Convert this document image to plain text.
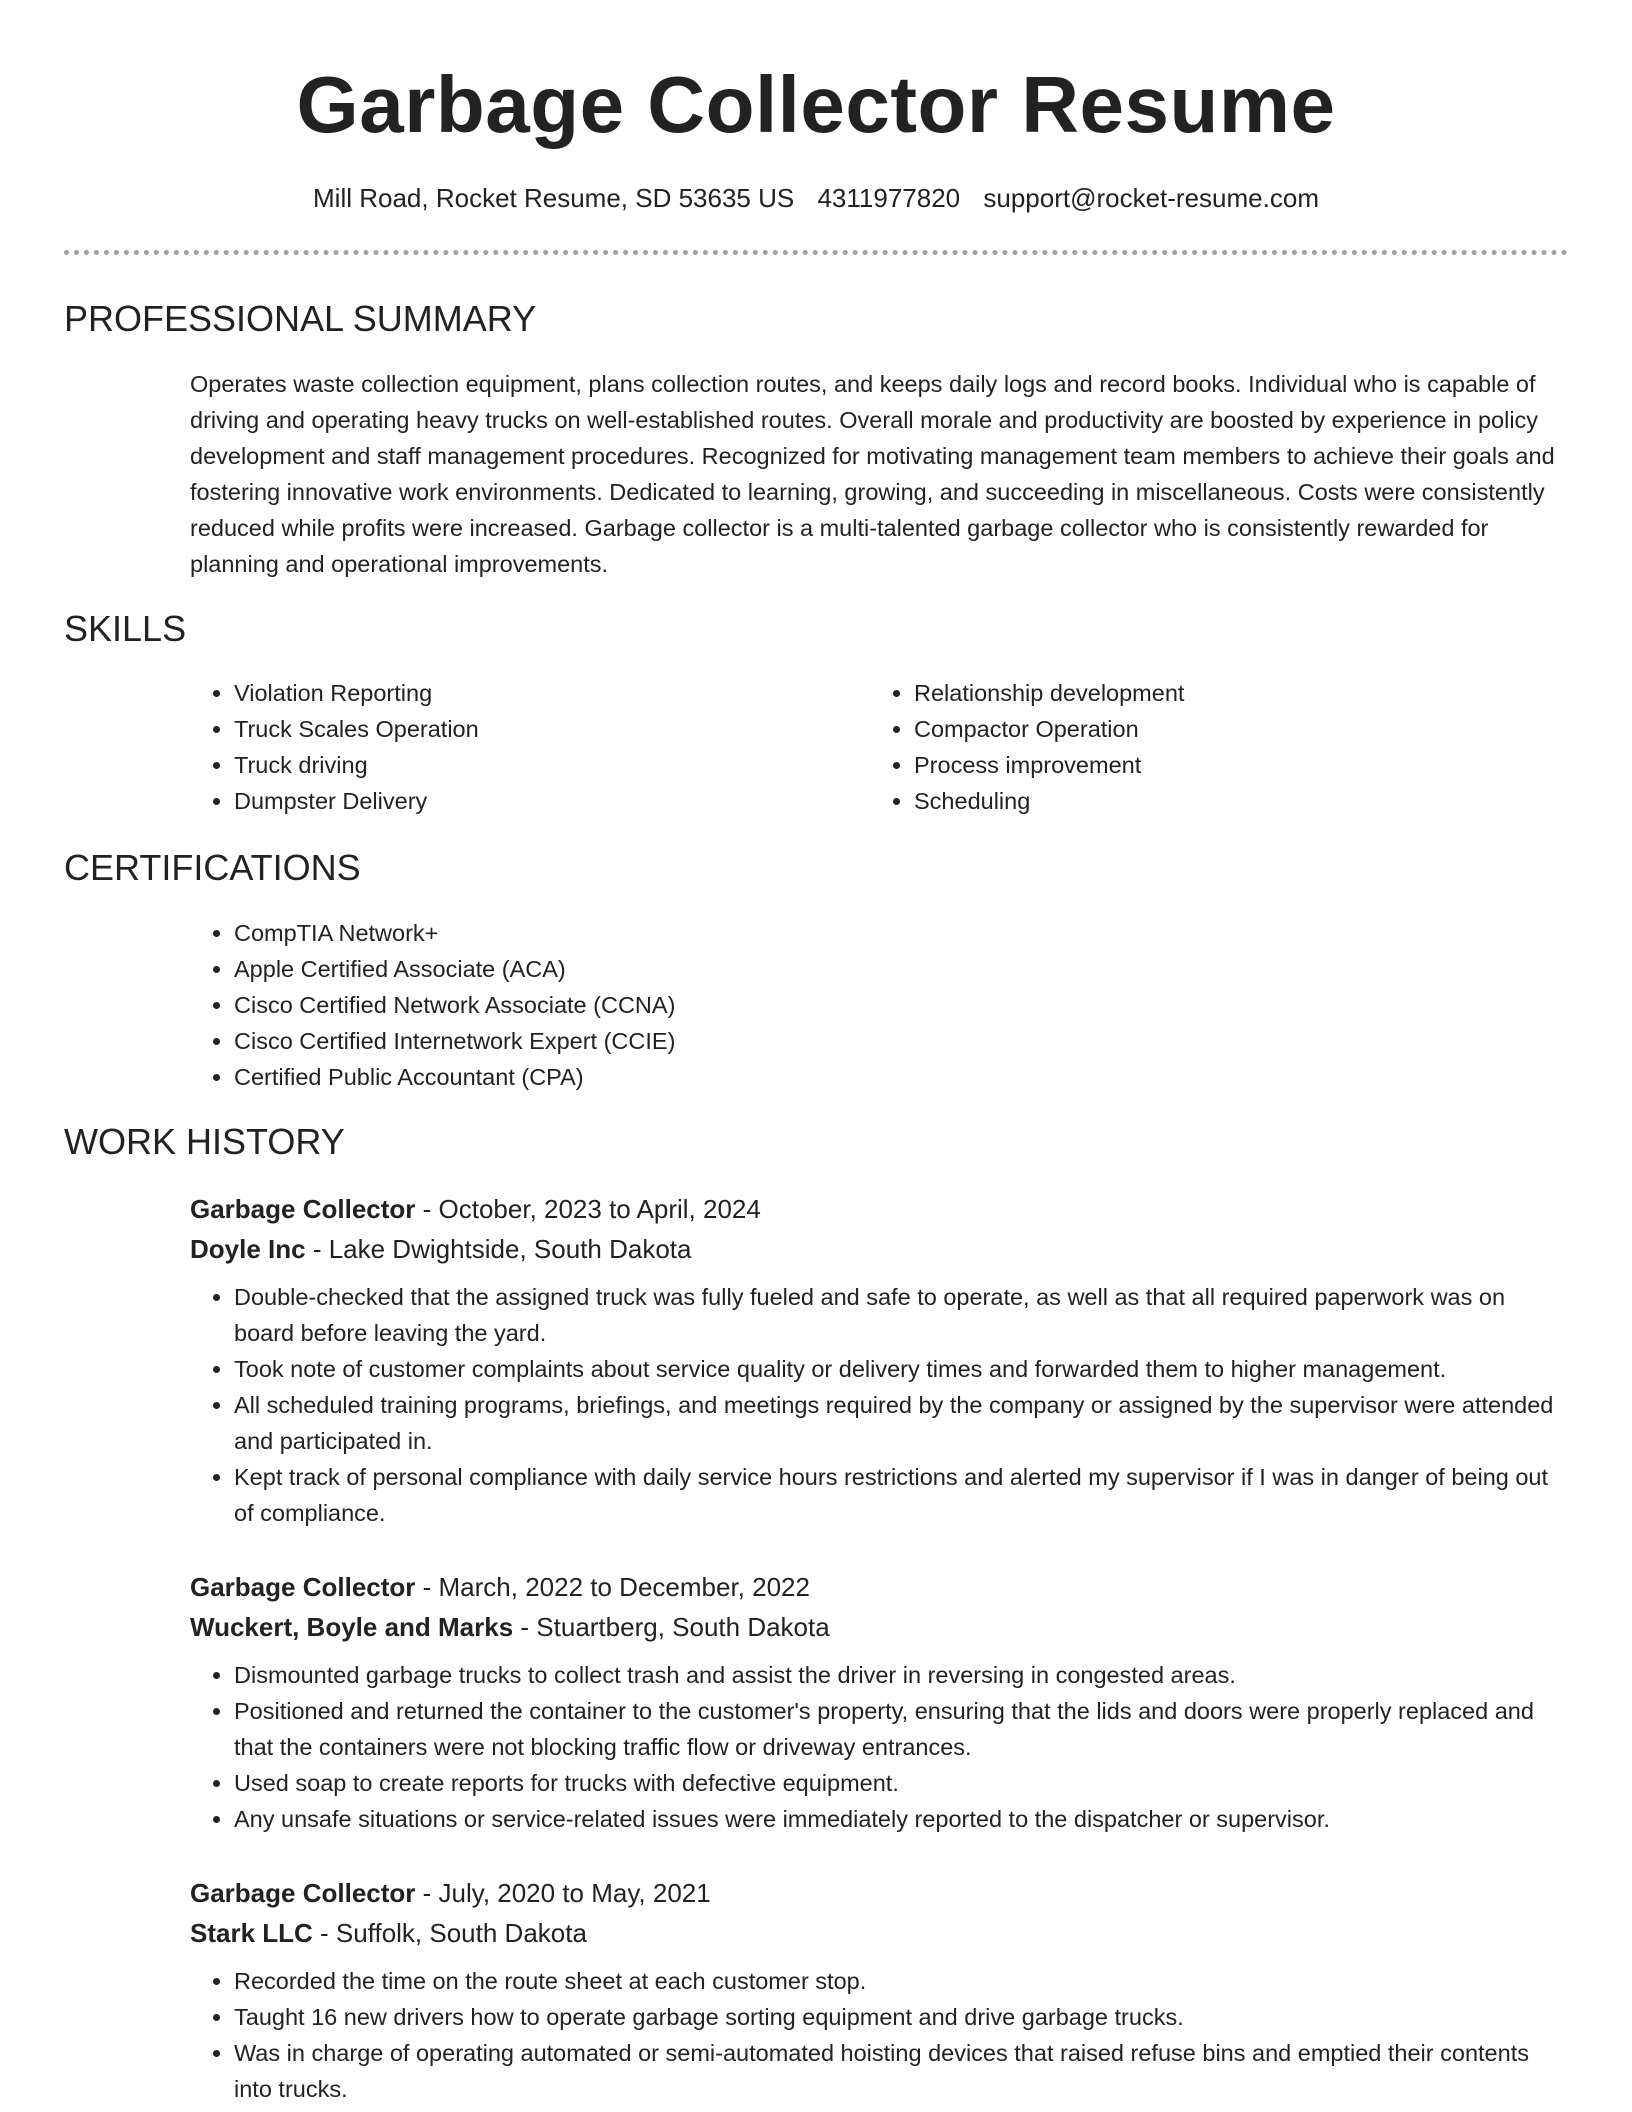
Garbage Collector Resume
Mill Road, Rocket Resume, SD 53635 US 4311977820 support@rocket-resume.com
PROFESSIONAL SUMMARY

Operates waste collection equipment, plans collection routes, and keeps daily logs and record books. Individual who is capable of driving and operating heavy trucks on well-established routes. Overall morale and productivity are boosted by experience in policy development and staff management procedures. Recognized for motivating management team members to achieve their goals and fostering innovative work environments. Dedicated to learning, growing, and succeeding in miscellaneous. Costs were consistently reduced while profits were increased. Garbage collector is a multi-talented garbage collector who is consistently rewarded for planning and operational improvements.

SKILLS
• Violation Reporting
• Truck Scales Operation
• Truck driving
• Dumpster Delivery
• Relationship development
• Compactor Operation
• Process improvement
• Scheduling
CERTIFICATIONS
• CompTIA Network+
• Apple Certified Associate (ACA)
• Cisco Certified Network Associate (CCNA)
• Cisco Certified Internetwork Expert (CCIE)
• Certified Public Accountant (CPA)
WORK HISTORY
Garbage Collector - October, 2023 to April, 2024
Doyle Inc - Lake Dwightside, South Dakota
• Double-checked that the assigned truck was fully fueled and safe to operate, as well as that all required paperwork was on board before leaving the yard.
• Took note of customer complaints about service quality or delivery times and forwarded them to higher management.
• All scheduled training programs, briefings, and meetings required by the company or assigned by the supervisor were attended and participated in.
• Kept track of personal compliance with daily service hours restrictions and alerted my supervisor if I was in danger of being out of compliance.
Garbage Collector - March, 2022 to December, 2022
Wuckert, Boyle and Marks - Stuartberg, South Dakota
• Dismounted garbage trucks to collect trash and assist the driver in reversing in congested areas.
• Positioned and returned the container to the customer's property, ensuring that the lids and doors were properly replaced and that the containers were not blocking traffic flow or driveway entrances.
• Used soap to create reports for trucks with defective equipment.
• Any unsafe situations or service-related issues were immediately reported to the dispatcher or supervisor.
Garbage Collector - July, 2020 to May, 2021
Stark LLC - Suffolk, South Dakota
• Recorded the time on the route sheet at each customer stop.
• Taught 16 new drivers how to operate garbage sorting equipment and drive garbage trucks.
• Was in charge of operating automated or semi-automated hoisting devices that raised refuse bins and emptied their contents into trucks.
